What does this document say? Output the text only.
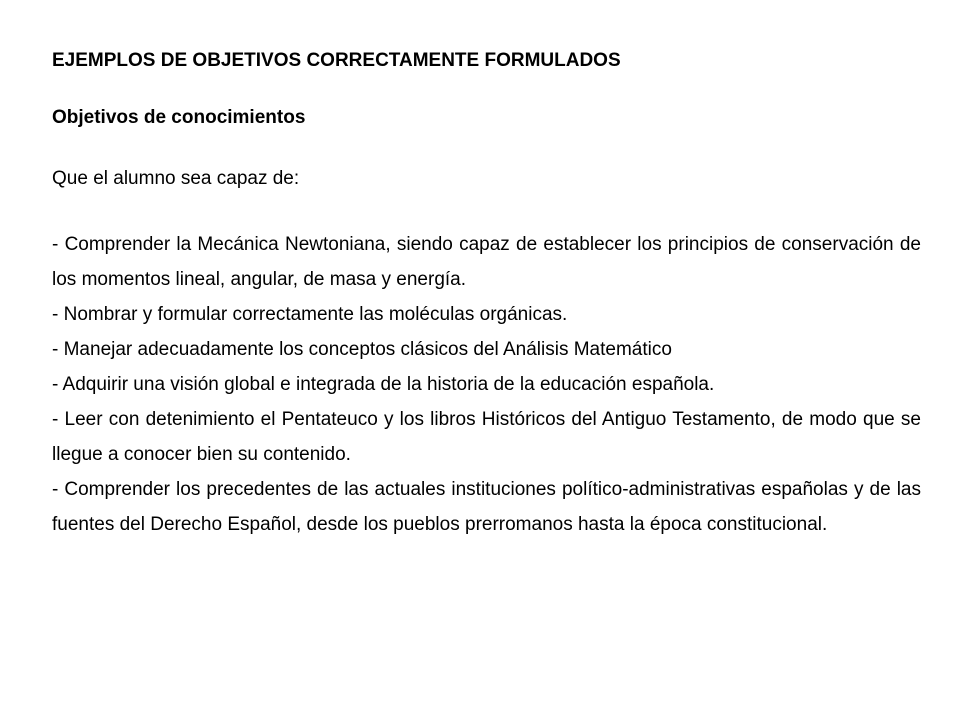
EJEMPLOS DE OBJETIVOS CORRECTAMENTE FORMULADOS
Objetivos de conocimientos
Que el alumno sea capaz de:
- Comprender la Mecánica Newtoniana, siendo capaz de establecer los principios de conservación de los momentos lineal, angular, de masa y energía.
- Nombrar y formular correctamente las moléculas orgánicas.
- Manejar adecuadamente los conceptos clásicos del Análisis Matemático
- Adquirir una visión global e integrada de la historia de la educación española.
- Leer con detenimiento el Pentateuco y los libros Históricos del Antiguo Testamento, de modo que se llegue a conocer bien su contenido.
- Comprender los precedentes de las actuales instituciones político-administrativas españolas y de las fuentes del Derecho Español, desde los pueblos prerromanos hasta la época constitucional.
